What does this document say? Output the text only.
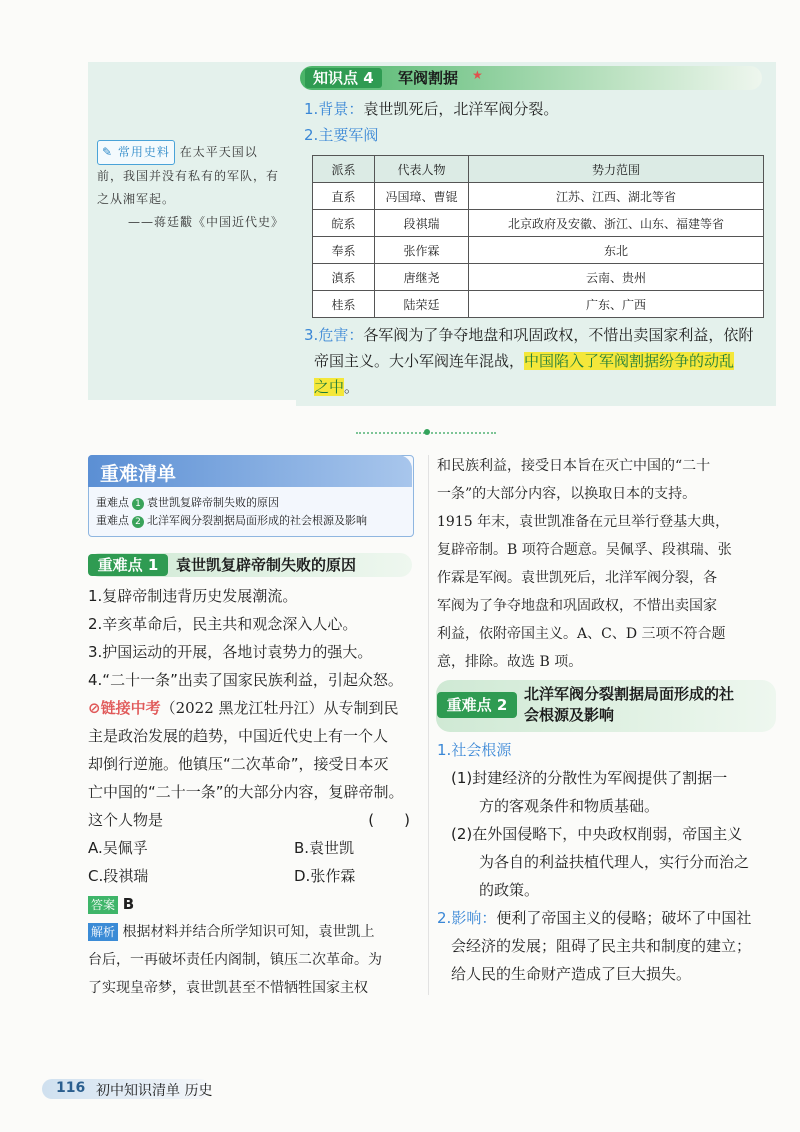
知识点 4	军阀割据 ★
1.背景：袁世凯死后，北洋军阀分裂。
2.主要军阀
派系	代表人物	势力范围
直系	冯国璋、曹锟	江苏、江西、湖北等省
皖系	段祺瑞	北京政府及安徽、浙江、山东、福建等省
奉系	张作霖	东北
滇系	唐继尧	云南、贵州
桂系	陆荣廷	广东、广西
3.危害：各军阀为了争夺地盘和巩固政权，不惜出卖国家利益，依附
帝国主义。大小军阀连年混战，中国陷入了军阀割据纷争的动乱
之中。
✎ 常用史料 在太平天国以
前，我国并没有私有的军队，有
之从湘军起。
——蒋廷黻《中国近代史》
重难清单
重难点 1 袁世凯复辟帝制失败的原因
重难点 2 北洋军阀分裂割据局面形成的社会根源及影响
重难点 1	袁世凯复辟帝制失败的原因
1.复辟帝制违背历史发展潮流。
2.辛亥革命后，民主共和观念深入人心。
3.护国运动的开展，各地讨袁势力的强大。
4.“二十一条”出卖了国家民族利益，引起众怒。
⊘链接中考（2022 黑龙江牡丹江）从专制到民
主是政治发展的趋势，中国近代史上有一个人
却倒行逆施。他镇压“二次革命”，接受日本灭
亡中国的“二十一条”的大部分内容，复辟帝制。
这个人物是	(　　)
A.吴佩孚	B.袁世凯
C.段祺瑞	D.张作霖
答案 B
解析 根据材料并结合所学知识可知，袁世凯上
台后，一再破坏责任内阁制，镇压二次革命。为
了实现皇帝梦，袁世凯甚至不惜牺牲国家主权
和民族利益，接受日本旨在灭亡中国的“二十
一条”的大部分内容，以换取日本的支持。
1915 年末，袁世凯准备在元旦举行登基大典，
复辟帝制。B 项符合题意。吴佩孚、段祺瑞、张
作霖是军阀。袁世凯死后，北洋军阀分裂，各
军阀为了争夺地盘和巩固政权，不惜出卖国家
利益，依附帝国主义。A、C、D 三项不符合题
意，排除。故选 B 项。
重难点 2
北洋军阀分裂割据局面形成的社
会根源及影响
1.社会根源
(1)封建经济的分散性为军阀提供了割据一
方的客观条件和物质基础。
(2)在外国侵略下，中央政权削弱，帝国主义
为各自的利益扶植代理人，实行分而治之
的政策。
2.影响：便利了帝国主义的侵略；破坏了中国社
会经济的发展；阻碍了民主共和制度的建立；
给人民的生命财产造成了巨大损失。
116 初中知识清单 历史
